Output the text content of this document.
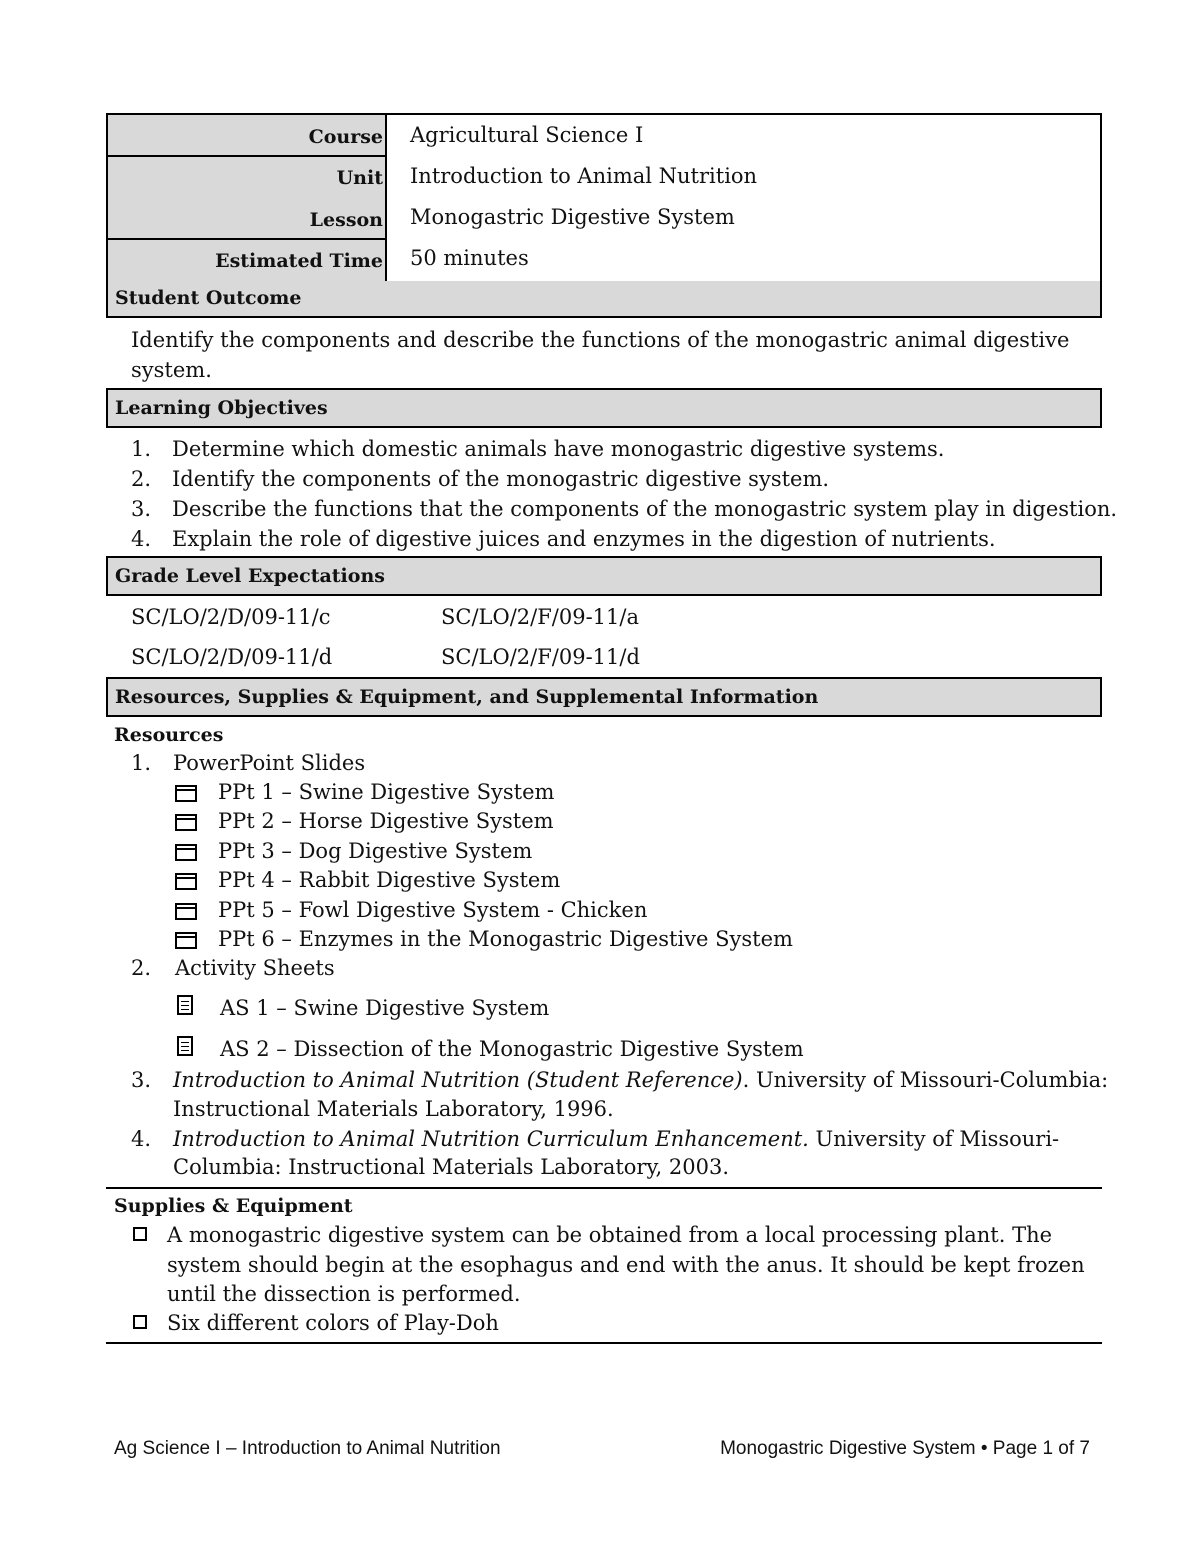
Course Agricultural Science I
Unit Introduction to Animal Nutrition
Lesson Monogastric Digestive System
Estimated Time 50 minutes
Student Outcome
Identify the components and describe the functions of the monogastric animal digestive
system.
Learning Objectives
1. Determine which domestic animals have monogastric digestive systems.
2. Identify the components of the monogastric digestive system.
3. Describe the functions that the components of the monogastric system play in digestion.
4. Explain the role of digestive juices and enzymes in the digestion of nutrients.
Grade Level Expectations
SC/LO/2/D/09-11/c	SC/LO/2/F/09-11/a
SC/LO/2/D/09-11/d	SC/LO/2/F/09-11/d
Resources, Supplies & Equipment, and Supplemental Information
Resources
1. PowerPoint Slides
PPt 1 – Swine Digestive System
PPt 2 – Horse Digestive System
PPt 3 – Dog Digestive System
PPt 4 – Rabbit Digestive System
PPt 5 – Fowl Digestive System - Chicken
PPt 6 – Enzymes in the Monogastric Digestive System
2. Activity Sheets
AS 1 – Swine Digestive System
AS 2 – Dissection of the Monogastric Digestive System
3. Introduction to Animal Nutrition (Student Reference). University of Missouri-Columbia:
Instructional Materials Laboratory, 1996.
4. Introduction to Animal Nutrition Curriculum Enhancement. University of Missouri-
Columbia: Instructional Materials Laboratory, 2003.
Supplies & Equipment
A monogastric digestive system can be obtained from a local processing plant. The
system should begin at the esophagus and end with the anus. It should be kept frozen
until the dissection is performed.
Six different colors of Play-Doh
Ag Science I – Introduction to Animal Nutrition	Monogastric Digestive System • Page 1 of 7
